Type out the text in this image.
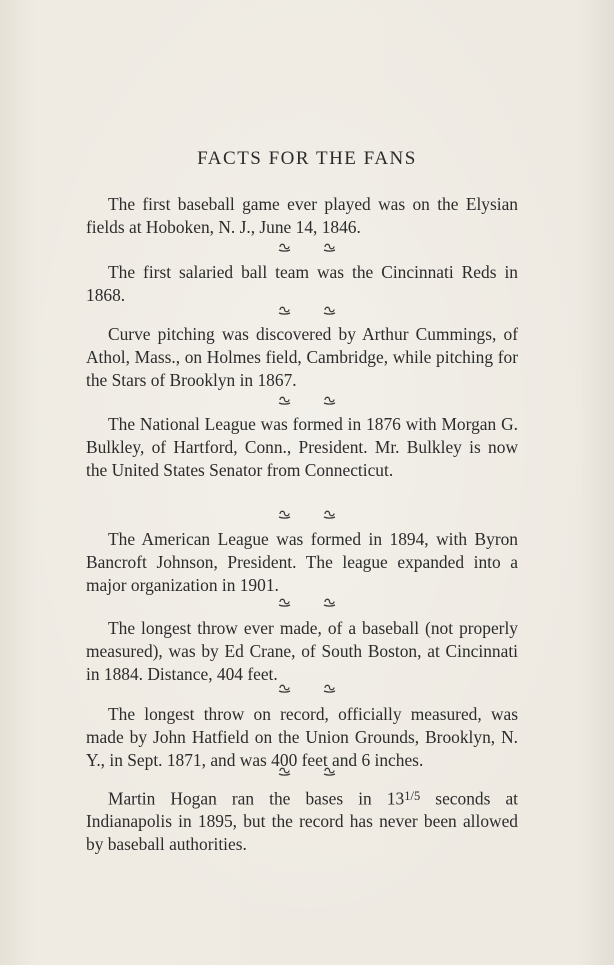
FACTS FOR THE FANS

The first baseball game ever played was on the Elysian fields at Hoboken, N. J., June 14, 1846.

The first salaried ball team was the Cincinnati Reds in 1868.

Curve pitching was discovered by Arthur Cummings, of Athol, Mass., on Holmes field, Cambridge, while pitching for the Stars of Brooklyn in 1867.

The National League was formed in 1876 with Morgan G. Bulkley, of Hartford, Conn., President. Mr. Bulkley is now the United States Senator from Connecticut.

The American League was formed in 1894, with Byron Bancroft Johnson, President. The league expanded into a major organization in 1901.

The longest throw ever made, of a baseball (not properly measured), was by Ed Crane, of South Boston, at Cincinnati in 1884. Distance, 404 feet.

The longest throw on record, officially measured, was made by John Hatfield on the Union Grounds, Brooklyn, N. Y., in Sept. 1871, and was 400 feet and 6 inches.

Martin Hogan ran the bases in $13^{1/5}$ seconds at Indianapolis in 1895, but the record has never been allowed by baseball authorities.
